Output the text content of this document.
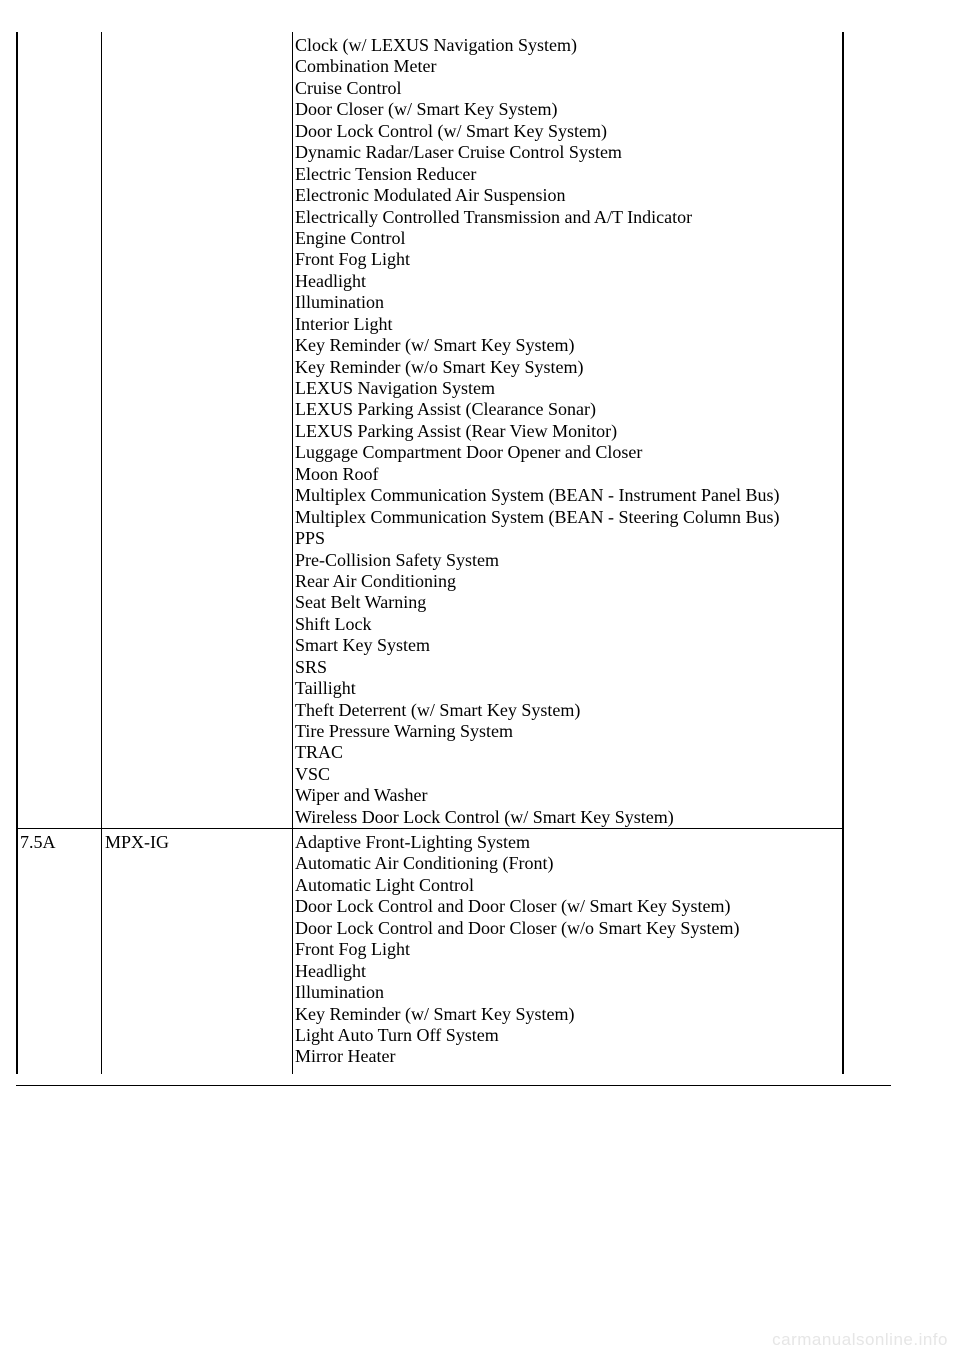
Clock (w/ LEXUS Navigation System)
Combination Meter
Cruise Control
Door Closer (w/ Smart Key System)
Door Lock Control (w/ Smart Key System)
Dynamic Radar/Laser Cruise Control System
Electric Tension Reducer
Electronic Modulated Air Suspension
Electrically Controlled Transmission and A/T Indicator
Engine Control
Front Fog Light
Headlight
Illumination
Interior Light
Key Reminder (w/ Smart Key System)
Key Reminder (w/o Smart Key System)
LEXUS Navigation System
LEXUS Parking Assist (Clearance Sonar)
LEXUS Parking Assist (Rear View Monitor)
Luggage Compartment Door Opener and Closer
Moon Roof
Multiplex Communication System (BEAN - Instrument Panel Bus)
Multiplex Communication System (BEAN - Steering Column Bus)
PPS
Pre-Collision Safety System
Rear Air Conditioning
Seat Belt Warning
Shift Lock
Smart Key System
SRS
Taillight
Theft Deterrent (w/ Smart Key System)
Tire Pressure Warning System
TRAC
VSC
Wiper and Washer
Wireless Door Lock Control (w/ Smart Key System)
7.5A	MPX-IG	Adaptive Front-Lighting System
Automatic Air Conditioning (Front)
Automatic Light Control
Door Lock Control and Door Closer (w/ Smart Key System)
Door Lock Control and Door Closer (w/o Smart Key System)
Front Fog Light
Headlight
Illumination
Key Reminder (w/ Smart Key System)
Light Auto Turn Off System
Mirror Heater
carmanualsonline.info
